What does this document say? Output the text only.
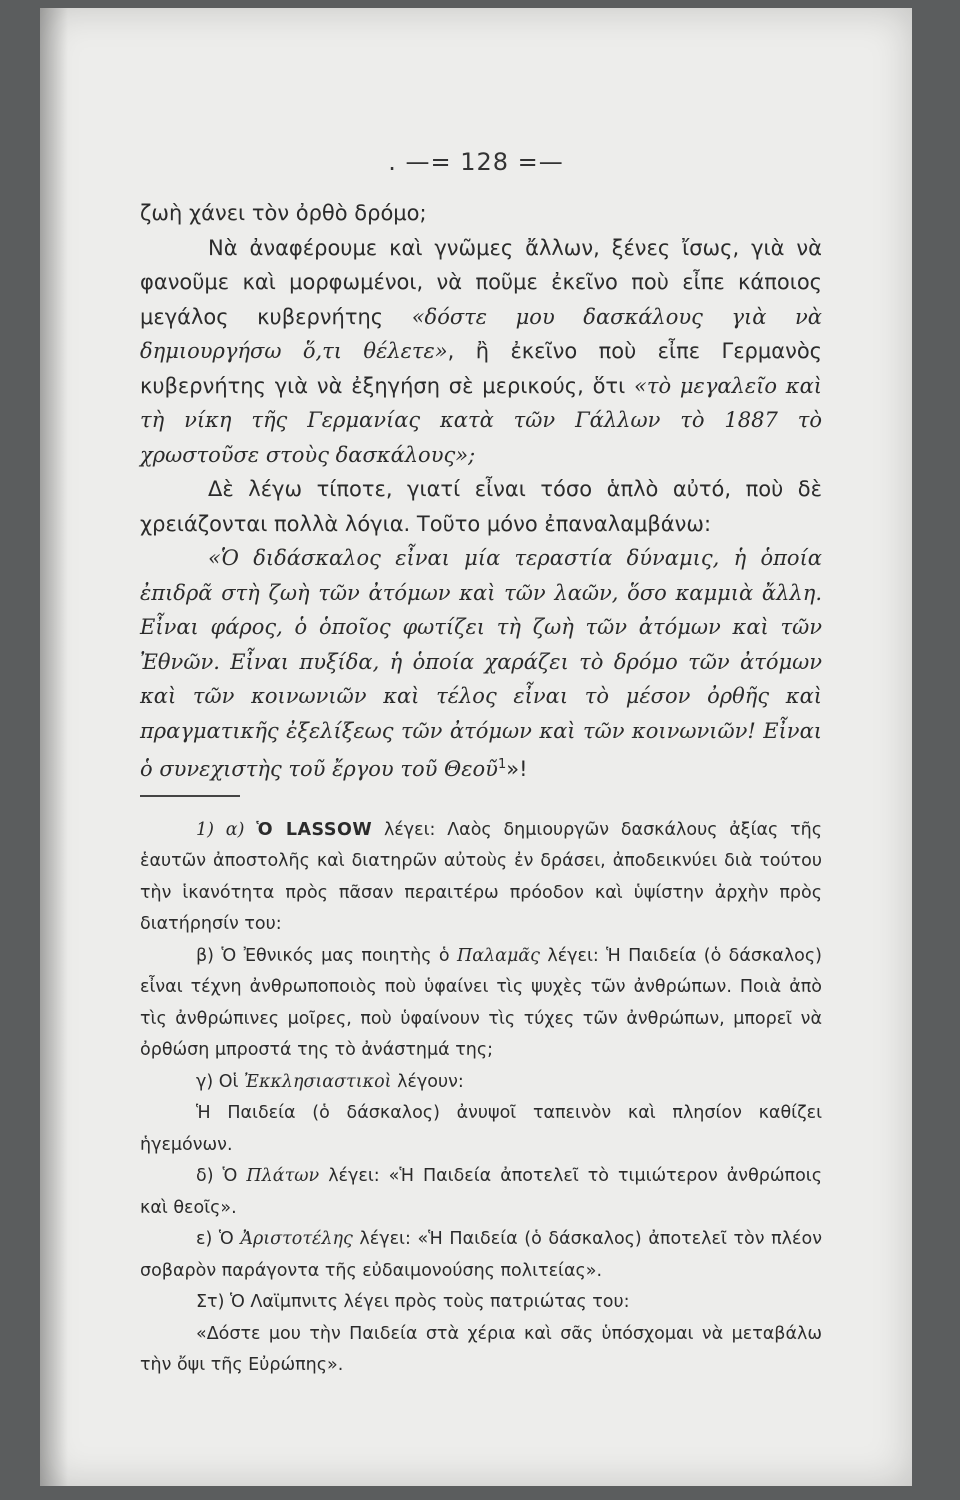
. —= 128 =—

ζωὴ χάνει τὸν ὀρθὸ δρόμο;

Νὰ ἀναφέρουμε καὶ γνῶμες ἄλλων, ξένες ἴσως, γιὰ νὰ φανοῦμε καὶ μορφωμένοι, νὰ ποῦμε ἐκεῖνο ποὺ εἶπε κάποιος μεγάλος κυβερνήτης «δόστε μου δασκάλους γιὰ νὰ δημιουργήσω ὅ,τι θέλετε», ἢ ἐκεῖνο ποὺ εἶπε Γερμανὸς κυβερνήτης γιὰ νὰ ἐξηγήση σὲ μερικούς, ὅτι «τὸ μεγαλεῖο καὶ τὴ νίκη τῆς Γερμανίας κατὰ τῶν Γάλλων τὸ 1887 τὸ χρωστοῦσε στοὺς δασκάλους»;

Δὲ λέγω τίποτε, γιατί εἶναι τόσο ἁπλὸ αὐτό, ποὺ δὲ χρειάζονται πολλὰ λόγια. Τοῦτο μόνο ἐπαναλαμβάνω:

«Ὁ διδάσκαλος εἶναι μία τεραστία δύναμις, ἡ ὁποία ἐπιδρᾶ στὴ ζωὴ τῶν ἀτόμων καὶ τῶν λαῶν, ὅσο καμμιὰ ἄλλη. Εἶναι φάρος, ὁ ὁποῖος φωτίζει τὴ ζωὴ τῶν ἀτόμων καὶ τῶν Ἐθνῶν. Εἶναι πυξίδα, ἡ ὁποία χαράζει τὸ δρόμο τῶν ἀτόμων καὶ τῶν κοινωνιῶν καὶ τέλος εἶναι τὸ μέσον ὀρθῆς καὶ πραγματικῆς ἐξελίξεως τῶν ἀτόμων καὶ τῶν κοινωνιῶν! Εἶναι ὁ συνεχιστὴς τοῦ ἔργου τοῦ Θεοῦ$^1$»!

1) α) Ὁ LASSOW λέγει: Λαὸς δημιουργῶν δασκάλους ἀξίας τῆς ἑαυτῶν ἀποστολῆς καὶ διατηρῶν αὐτοὺς ἐν δράσει, ἀποδεικνύει διὰ τούτου τὴν ἱκανότητα πρὸς πᾶσαν περαιτέρω πρόοδον καὶ ὑψίστην ἀρχὴν πρὸς διατήρησίν του:

β) Ὁ Ἐθνικός μας ποιητὴς ὁ Παλαμᾶς λέγει: Ἡ Παιδεία (ὁ δάσκαλος) εἶναι τέχνη ἀνθρωποποιὸς ποὺ ὑφαίνει τὶς ψυχὲς τῶν ἀνθρώπων. Ποιὰ ἀπὸ τὶς ἀνθρώπινες μοῖρες, ποὺ ὑφαίνουν τὶς τύχες τῶν ἀνθρώπων, μπορεῖ νὰ ὀρθώση μπροστά της τὸ ἀνάστημά της;

γ) Οἱ Ἐκκλησιαστικοὶ λέγουν:

Ἡ Παιδεία (ὁ δάσκαλος) ἀνυψοῖ ταπεινὸν καὶ πλησίον καθίζει ἡγεμόνων.

δ) Ὁ Πλάτων λέγει: «Ἡ Παιδεία ἀποτελεῖ τὸ τιμιώτερον ἀνθρώποις καὶ θεοῖς».

ε) Ὁ Ἀριστοτέλης λέγει: «Ἡ Παιδεία (ὁ δάσκαλος) ἀποτελεῖ τὸν πλέον σοβαρὸν παράγοντα τῆς εὐδαιμονούσης πολιτείας».

Στ) Ὁ Λαϊμπνιτς λέγει πρὸς τοὺς πατριώτας του:

«Δόστε μου τὴν Παιδεία στὰ χέρια καὶ σᾶς ὑπόσχομαι νὰ μεταβάλω τὴν ὄψι τῆς Εὐρώπης».
